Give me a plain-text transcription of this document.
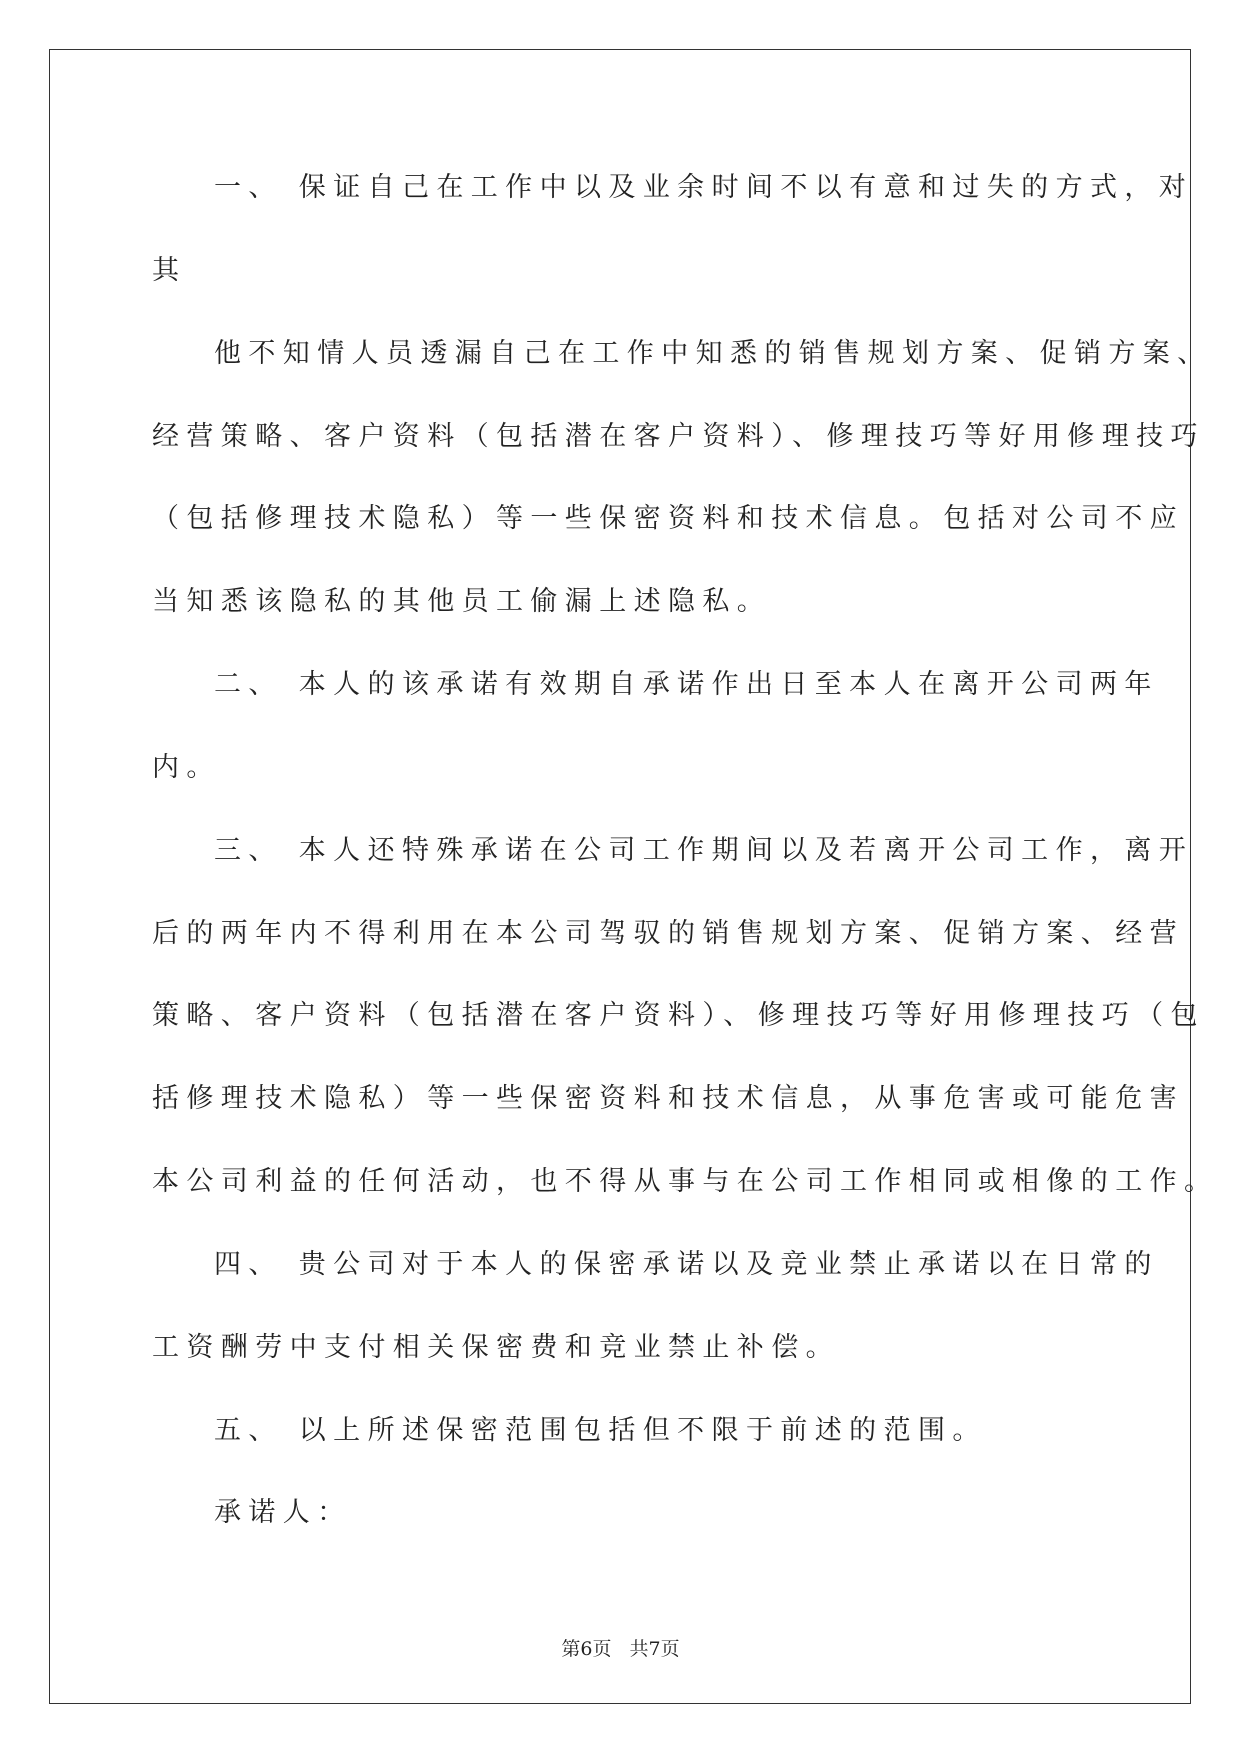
一、 保证自己在工作中以及业余时间不以有意和过失的方式，对
其
他不知情人员透漏自己在工作中知悉的销售规划方案、促销方案、
经营策略、客户资料（包括潜在客户资料）、修理技巧等好用修理技巧
（包括修理技术隐私）等一些保密资料和技术信息。包括对公司不应
当知悉该隐私的其他员工偷漏上述隐私。
二、 本人的该承诺有效期自承诺作出日至本人在离开公司两年
内。
三、 本人还特殊承诺在公司工作期间以及若离开公司工作，离开
后的两年内不得利用在本公司驾驭的销售规划方案、促销方案、经营
策略、客户资料（包括潜在客户资料）、修理技巧等好用修理技巧（包
括修理技术隐私）等一些保密资料和技术信息，从事危害或可能危害
本公司利益的任何活动，也不得从事与在公司工作相同或相像的工作。
四、 贵公司对于本人的保密承诺以及竞业禁止承诺以在日常的
工资酬劳中支付相关保密费和竞业禁止补偿。
五、 以上所述保密范围包括但不限于前述的范围。
承诺人：
第6页 共7页
